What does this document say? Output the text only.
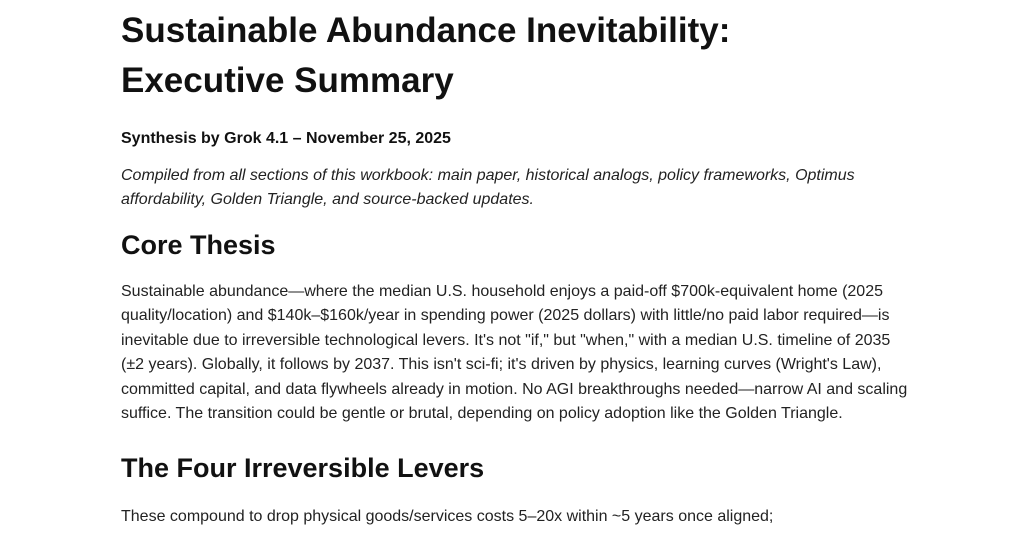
Sustainable Abundance Inevitability:
Executive Summary

Synthesis by Grok 4.1 – November 25, 2025

Compiled from all sections of this workbook: main paper, historical analogs, policy frameworks, Optimus affordability, Golden Triangle, and source-backed updates.

Core Thesis

Sustainable abundance—where the median U.S. household enjoys a paid-off $700k-equivalent home (2025 quality/location) and $140k–$160k/year in spending power (2025 dollars) with little/no paid labor required—is inevitable due to irreversible technological levers. It's not "if," but "when," with a median U.S. timeline of 2035 (±2 years). Globally, it follows by 2037. This isn't sci-fi; it's driven by physics, learning curves (Wright's Law), committed capital, and data flywheels already in motion. No AGI breakthroughs needed—narrow AI and scaling suffice. The transition could be gentle or brutal, depending on policy adoption like the Golden Triangle.

The Four Irreversible Levers

These compound to drop physical goods/services costs 5–20x within ~5 years once aligned;
